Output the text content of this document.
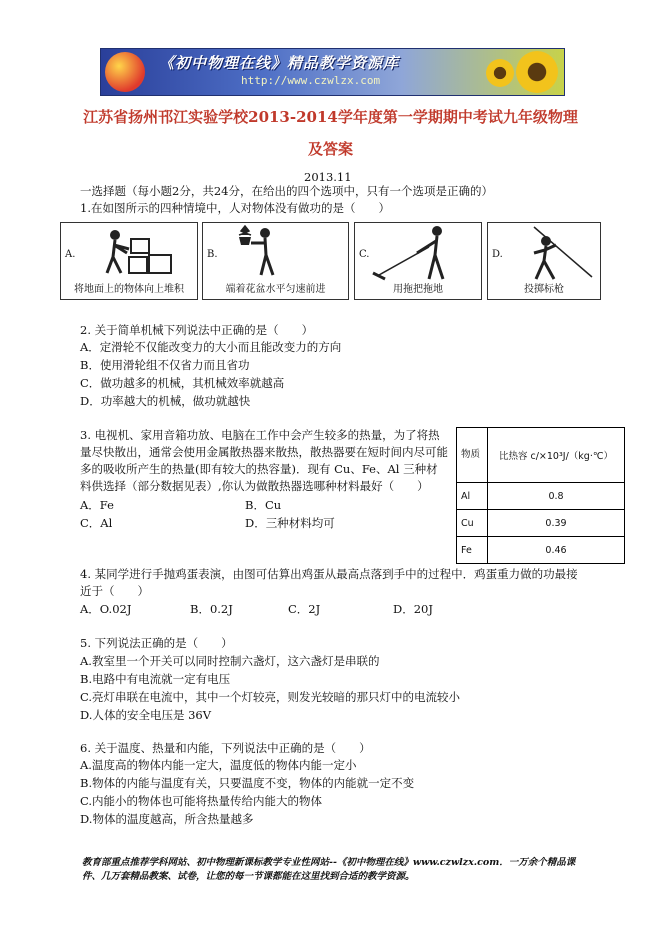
《初中物理在线》精品教学资源库
http://www.czwlzx.com
江苏省扬州邗江实验学校2013-2014学年度第一学期期中考试九年级物理
及答案
2013.11
一选择题（每小题2分，共24分，在给出的四个选项中，只有一个选项是正确的）
1.在如图所示的四种情境中，人对物体没有做功的是（　　）
A.
将地面上的物体向上堆积
B.
端着花盆水平匀速前进
C.
用拖把拖地
D.
投掷标枪
2. 关于简单机械下列说法中正确的是（　　）
A．定滑轮不仅能改变力的大小而且能改变力的方向
B．使用滑轮组不仅省力而且省功
C．做功越多的机械，其机械效率就越高
D．功率越大的机械，做功就越快
3. 电视机、家用音箱功放、电脑在工作中会产生较多的热量，为了将热
量尽快散出，通常会使用金属散热器来散热，散热器要在短时间内尽可能
多的吸收所产生的热量(即有较大的热容量)．现有 Cu、Fe、Al 三种材
料供选择（部分数据见表）,你认为做散热器选哪种材料最好（　　）
A．Fe	B．Cu
C．Al	D．三种材料均可
物质	比热容 c/×10³J/（kg·℃）
Al	0.8
Cu	0.39
Fe	0.46
4. 某同学进行手抛鸡蛋表演，由图可估算出鸡蛋从最高点落到手中的过程中．鸡蛋重力做的功最接
近于（　　）
A．O.02J	B．0.2J	C．2J	D．20J
5. 下列说法正确的是（　　）
A.教室里一个开关可以同时控制六盏灯，这六盏灯是串联的
B.电路中有电流就一定有电压
C.亮灯串联在电流中，其中一个灯较亮，则发光较暗的那只灯中的电流较小
D.人体的安全电压是 36V
6. 关于温度、热量和内能，下列说法中正确的是（　　）
A.温度高的物体内能一定大，温度低的物体内能一定小
B.物体的内能与温度有关，只要温度不变，物体的内能就一定不变
C.内能小的物体也可能将热量传给内能大的物体
D.物体的温度越高，所含热量越多
教育部重点推荐学科网站、初中物理新课标教学专业性网站--《初中物理在线》www.czwlzx.com．一万余个精品课
件、几万套精品教案、试卷，让您的每一节课都能在这里找到合适的教学资源。
